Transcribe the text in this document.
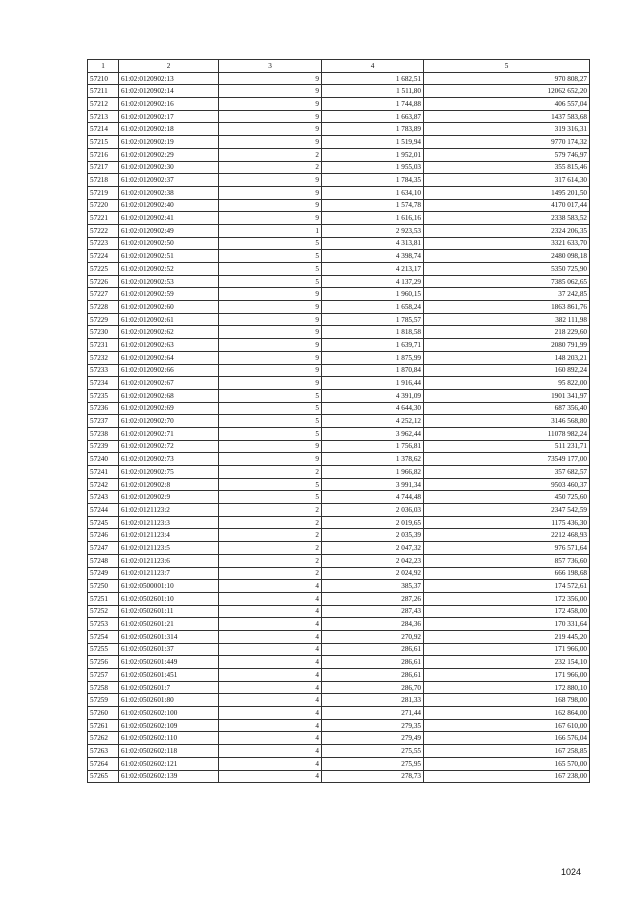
1	2	3	4	5
57210	61:02:0120902:13	9	1 682,51	970 808,27
57211	61:02:0120902:14	9	1 511,80	12062 652,20
57212	61:02:0120902:16	9	1 744,88	406 557,04
57213	61:02:0120902:17	9	1 663,87	1437 583,68
57214	61:02:0120902:18	9	1 783,89	319 316,31
57215	61:02:0120902:19	9	1 519,94	9770 174,32
57216	61:02:0120902:29	2	1 952,01	579 746,97
57217	61:02:0120902:30	2	1 955,03	355 815,46
57218	61:02:0120902:37	9	1 784,35	317 614,30
57219	61:02:0120902:38	9	1 634,10	1495 201,50
57220	61:02:0120902:40	9	1 574,78	4170 017,44
57221	61:02:0120902:41	9	1 616,16	2338 583,52
57222	61:02:0120902:49	1	2 923,53	2324 206,35
57223	61:02:0120902:50	5	4 313,81	3321 633,70
57224	61:02:0120902:51	5	4 398,74	2480 098,18
57225	61:02:0120902:52	5	4 213,17	5350 725,90
57226	61:02:0120902:53	5	4 137,29	7385 062,65
57227	61:02:0120902:59	9	1 960,15	37 242,85
57228	61:02:0120902:60	9	1 658,24	1863 861,76
57229	61:02:0120902:61	9	1 785,57	382 111,98
57230	61:02:0120902:62	9	1 818,58	218 229,60
57231	61:02:0120902:63	9	1 639,71	2080 791,99
57232	61:02:0120902:64	9	1 875,99	148 203,21
57233	61:02:0120902:66	9	1 870,84	160 892,24
57234	61:02:0120902:67	9	1 916,44	95 822,00
57235	61:02:0120902:68	5	4 391,09	1901 341,97
57236	61:02:0120902:69	5	4 644,30	687 356,40
57237	61:02:0120902:70	5	4 252,12	3146 568,80
57238	61:02:0120902:71	5	3 962,44	11078 982,24
57239	61:02:0120902:72	9	1 756,81	511 231,71
57240	61:02:0120902:73	9	1 378,62	73549 177,00
57241	61:02:0120902:75	2	1 966,82	357 682,57
57242	61:02:0120902:8	5	3 991,34	9503 460,37
57243	61:02:0120902:9	5	4 744,48	450 725,60
57244	61:02:0121123:2	2	2 036,03	2347 542,59
57245	61:02:0121123:3	2	2 019,65	1175 436,30
57246	61:02:0121123:4	2	2 035,39	2212 468,93
57247	61:02:0121123:5	2	2 047,32	976 571,64
57248	61:02:0121123:6	2	2 042,23	857 736,60
57249	61:02:0121123:7	2	2 024,92	666 198,68
57250	61:02:0500001:10	4	385,37	174 572,61
57251	61:02:0502601:10	4	287,26	172 356,00
57252	61:02:0502601:11	4	287,43	172 458,00
57253	61:02:0502601:21	4	284,36	170 331,64
57254	61:02:0502601:314	4	270,92	219 445,20
57255	61:02:0502601:37	4	286,61	171 966,00
57256	61:02:0502601:449	4	286,61	232 154,10
57257	61:02:0502601:451	4	286,61	171 966,00
57258	61:02:0502601:7	4	286,70	172 880,10
57259	61:02:0502601:80	4	281,33	168 798,00
57260	61:02:0502602:100	4	271,44	162 864,00
57261	61:02:0502602:109	4	279,35	167 610,00
57262	61:02:0502602:110	4	279,49	166 576,04
57263	61:02:0502602:118	4	275,55	167 258,85
57264	61:02:0502602:121	4	275,95	165 570,00
57265	61:02:0502602:139	4	278,73	167 238,00
1024
